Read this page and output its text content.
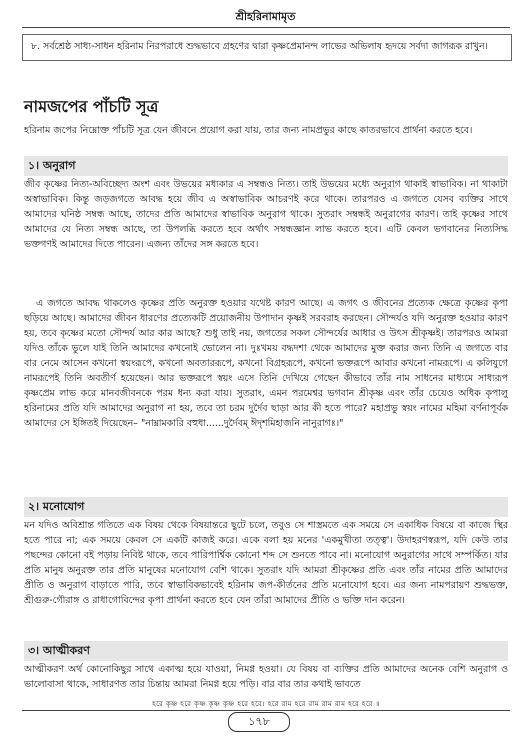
শ্রীহরিনামামৃত
৮. সর্বশ্রেষ্ঠ সাধ্য-সাধন হরিনাম নিরপরাধে শুদ্ধভাবে গ্রহণের দ্বারা কৃষ্ণপ্রেমানন্দ লাভের অভিলাষ হৃদয়ে সর্বদা জাগরূক রাখুন।
নামজপের পাঁচটি সূত্র
হরিনাম জপের নিম্নোক্ত পাঁচটি সূত্র যেন জীবনে প্রয়োগ করা যায়, তার জন্য নামপ্রভুর কাছে কাতরভাবে প্রার্থনা করতে হবে।
১। অনুরাগ

জীব কৃষ্ণের নিত্য-অবিচ্ছেদ্য অংশ এবং উভয়ের মধ্যকার এ সম্বন্ধও নিত্য। তাই উভয়ের মধ্যে অনুরাগ থাকাই স্বাভাবিক। না থাকাটা অস্বাভাবিক। কিন্তু জড়জগতে আবদ্ধ হয়ে জীব এ অস্বাভাবিক আচরণই করে থাকে। তারপরও এ জগতে যেসব ব্যক্তির সাথে আমাদের ঘনিষ্ঠ সম্বন্ধ আছে, তাদের প্রতি আমাদের স্বাভাবিক অনুরাগ থাকে। সুতরাং সম্বন্ধই অনুরাগের কারণ। তাই কৃষ্ণের সাথে আমাদের যে নিত্য সম্বন্ধ আছে, তা উপলব্ধি করতে হবে অর্থাৎ সম্বন্ধজ্ঞান লাভ করতে হবে। এটি কেবল ভগবানের নিত্যসিদ্ধ ভক্তগণই আমাদের দিতে পারেন। এজন্য তাঁদের সঙ্গ করতে হবে।

এ জগতে আবদ্ধ থাকলেও কৃষ্ণের প্রতি অনুরক্ত হওয়ার যথেষ্ট কারণ আছে। এ জগৎ ও জীবনের প্রত্যেক ক্ষেত্রে কৃষ্ণের কৃপা ছড়িয়ে আছে। আমাদের জীবন ধারণের প্রত্যেকটি প্রয়োজনীয় উপাদান কৃষ্ণই সরবরাহ করছেন। সৌন্দর্যও যদি অনুরক্ত হওয়ার কারণ হয়, তবে কৃষ্ণের মতো সৌন্দর্য আর কার আছে? শুধু তাই নয়, জগতের সকল সৌন্দর্যের আধার ও উৎস শ্রীকৃষ্ণই। তারপরও আমরা যদিও তাঁকে ভুলে যাই তিনি আমাদের কখনোই ভোলেন না। দুঃখময় বদ্ধদশা থেকে আমাদের মুক্ত করার জন্য তিনি এ জগতে বার বার নেমে আসেন কখনো স্বয়ংরূপে, কখনো অবতাররূপে, কখনো বিগ্রহরূপে, কখনো ভক্তরূপে আবার কখনো নামরূপে। এ কলিযুগে নামরূপেই তিনি অবতীর্ণ হয়েছেন। আর ভক্তরূপে স্বয়ং এসে তিনি দেখিয়ে গেছেন কীভাবে তাঁর নাম সাধনের মাধ্যমে সাধ্যরূপ কৃষ্ণপ্রেম লাভ করে মানবজীবনকে পরম ধন্য করা যায়। সুতরাং, এমন পরমেশ্বর ভগবান শ্রীকৃষ্ণ এবং তাঁর চেয়েও অধিক কৃপালু হরিনামের প্রতি যদি আমাদের অনুরাগ না হয়, তবে তা চরম দুর্দৈব ছাড়া আর কী হতে পারে? মহাপ্রভু স্বয়ং নামের মহিমা বর্ণনাপূর্বক আমাদের সে ইঙ্গিতই দিয়েছেন– "নাম্নামকারি বহুধা......দুর্দৈবম্ ঈদৃশমিহাজনি নানুরাগঃ।"

২। মনোযোগ

মন যদিও অবিশ্রান্ত গতিতে এক বিষয় থেকে বিষয়ান্তরে ছুটে চলে, তবুও সে শাস্ত্রমতে এক সময়ে সে একাধিক বিষয়ে বা কাজে স্থির হতে পারে না; এক সময়ে কেবল সে একটি কাজই করে। একে বলা হয় মনের 'একমুখীতা তত্ত্ব'। উদাহরণস্বরূপ, যদি কেউ তার পছন্দের কোনো বই পড়ায় নিবিষ্ট থাকে, তবে পারিপার্শ্বিক কোনো শব্দ সে শুনতে পাবে না। মনোযোগ অনুরাগের সাথে সম্পর্কিত। যার প্রতি মানুষ অনুরক্ত তার প্রতি মানুষের মনোযোগ বেশি থাকে। সুতরাং যদি আমরা শ্রীকৃষ্ণের প্রতি এবং তাঁর নামের প্রতি আমাদের প্রীতি ও অনুরাগ বাড়াতে পারি, তবে স্বাভাবিকভাবেই হরিনাম জপ-কীর্তনের প্রতি মনোযোগ হবে। এর জন্য নামপরায়ণ শুদ্ধভক্ত, শ্রীগুরু-গৌরাঙ্গ ও রাধাগোবিন্দের কৃপা প্রার্থনা করতে হবে যেন তাঁরা আমাদের প্রীতি ও ভক্তি দান করেন।

৩। আত্মীকরণ

আত্মীকরণ অর্থ কোনোকিছুর সাথে একাত্ম হয়ে যাওয়া, নিমগ্ন হওয়া। যে বিষয় বা ব্যক্তির প্রতি আমাদের অনেক বেশি অনুরাগ ও ভালোবাসা থাকে, সাধারণত তার চিন্তায় আমরা নিমগ্ন হয়ে পড়ি। বার বার তার কথাই ভাবতে

হরে কৃষ্ণ হরে কৃষ্ণ কৃষ্ণ কৃষ্ণ হরে হরে। হরে রাম হরে রাম রাম রাম হরে হরে ॥
১৭৮
